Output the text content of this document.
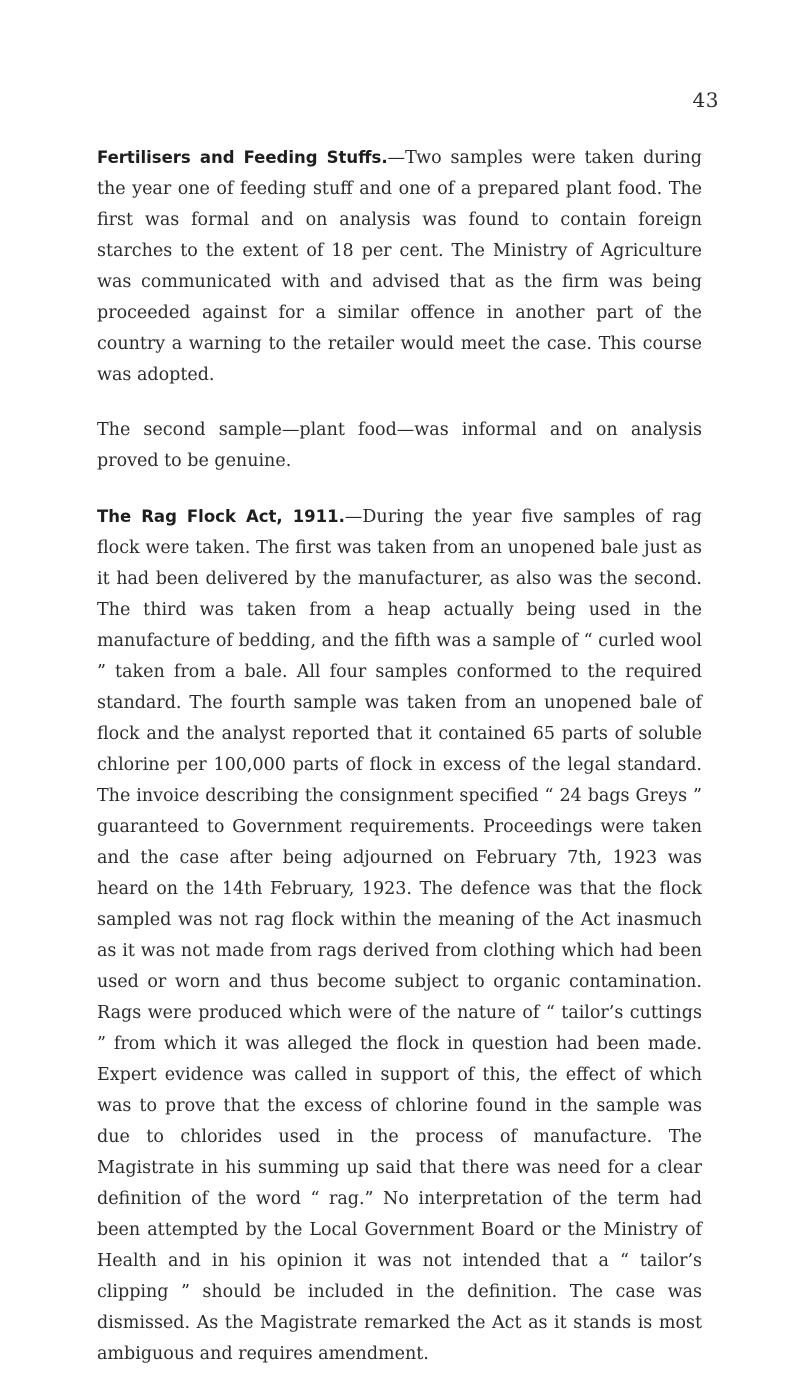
43

Fertilisers and Feeding Stuffs.—Two samples were taken during the year one of feeding stuff and one of a prepared plant food. The first was formal and on analysis was found to contain foreign starches to the extent of 18 per cent. The Ministry of Agriculture was communicated with and advised that as the firm was being proceeded against for a similar offence in another part of the country a warning to the retailer would meet the case. This course was adopted.

The second sample—plant food—was informal and on analysis proved to be genuine.

The Rag Flock Act, 1911.—During the year five samples of rag flock were taken. The first was taken from an unopened bale just as it had been delivered by the manufacturer, as also was the second. The third was taken from a heap actually being used in the manufacture of bedding, and the fifth was a sample of “ curled wool ” taken from a bale. All four samples conformed to the required standard. The fourth sample was taken from an unopened bale of flock and the analyst reported that it contained 65 parts of soluble chlorine per 100,000 parts of flock in excess of the legal standard. The invoice describing the consignment specified “ 24 bags Greys ” guaranteed to Government requirements. Proceedings were taken and the case after being adjourned on February 7th, 1923 was heard on the 14th February, 1923. The defence was that the flock sampled was not rag flock within the meaning of the Act inasmuch as it was not made from rags derived from clothing which had been used or worn and thus become subject to organic contamination. Rags were produced which were of the nature of “ tailor’s cuttings ” from which it was alleged the flock in question had been made. Expert evidence was called in support of this, the effect of which was to prove that the excess of chlorine found in the sample was due to chlorides used in the process of manufacture. The Magistrate in his summing up said that there was need for a clear definition of the word “ rag.” No interpretation of the term had been attempted by the Local Government Board or the Ministry of Health and in his opinion it was not intended that a “ tailor’s clipping ” should be included in the definition. The case was dismissed. As the Magistrate remarked the Act as it stands is most ambiguous and requires amendment.
